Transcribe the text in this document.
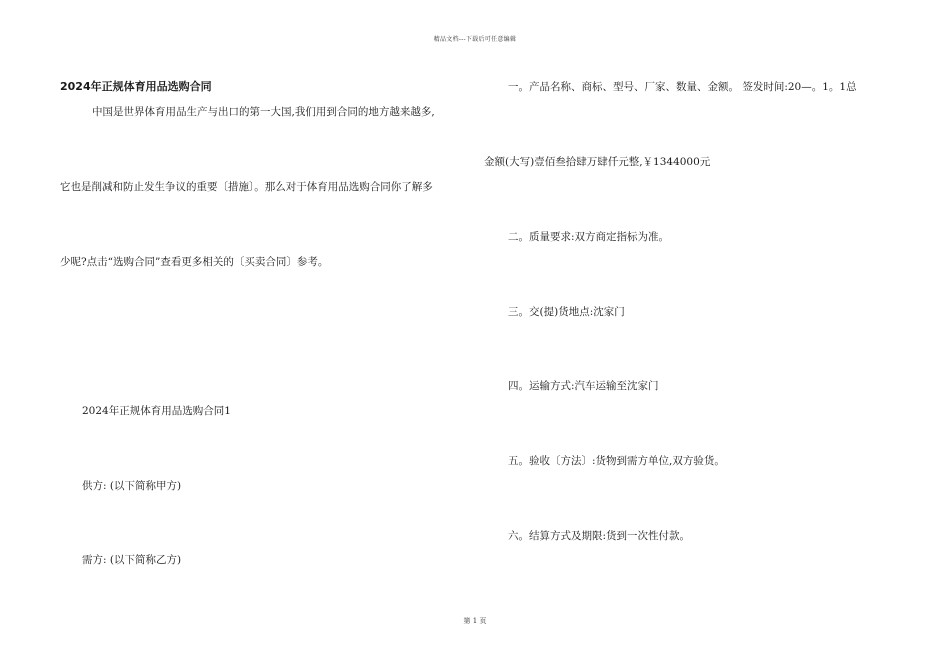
精品文档---下载后可任意编辑
2024年正规体育用品选购合同
中国是世界体育用品生产与出口的第一大国,我们用到合同的地方越来越多,
它也是削减和防止发生争议的重要〔措施〕。那么对于体育用品选购合同你了解多
少呢?点击“选购合同”查看更多相关的〔买卖合同〕参考。
2024年正规体育用品选购合同1
供方: (以下简称甲方)
需方: (以下简称乙方)
一。产品名称、商标、型号、厂家、数量、金额。 签发时间:20—。1。1总
金额(大写)壹佰叁拾肆万肆仟元整,￥1344000元
二。质量要求:双方商定指标为准。
三。交(提)货地点:沈家门
四。运输方式:汽车运输至沈家门
五。验收〔方法〕:货物到需方单位,双方验货。
六。结算方式及期限:货到一次性付款。
第 1 页
